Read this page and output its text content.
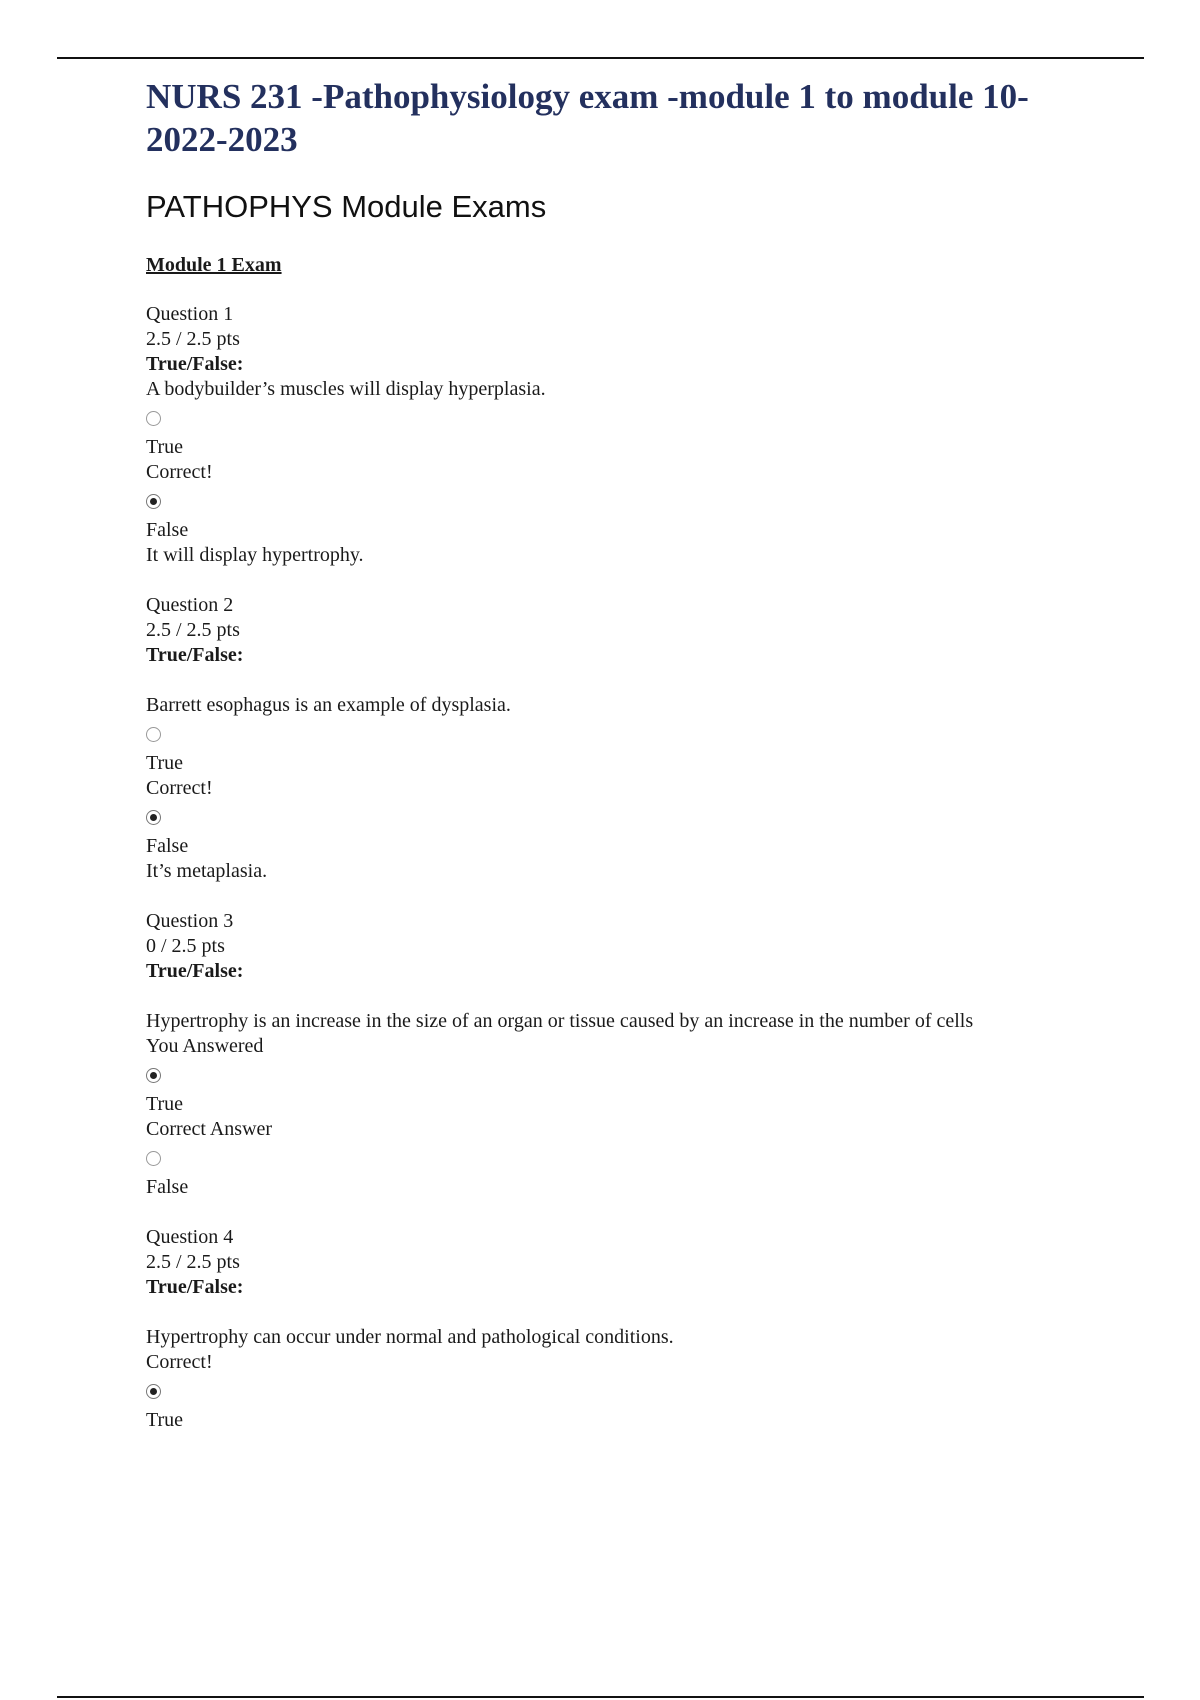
NURS 231 -Pathophysiology exam -module 1 to module 10-2022-2023
PATHOPHYS Module Exams
Module 1 Exam
Question 1
2.5 / 2.5 pts
True/False:
A bodybuilder’s muscles will display hyperplasia.
True
Correct!
False
It will display hypertrophy.
Question 2
2.5 / 2.5 pts
True/False:
Barrett esophagus is an example of dysplasia.
True
Correct!
False
It’s metaplasia.
Question 3
0 / 2.5 pts
True/False:
Hypertrophy is an increase in the size of an organ or tissue caused by an increase in the number of cells
You Answered
True
Correct Answer
False
Question 4
2.5 / 2.5 pts
True/False:
Hypertrophy can occur under normal and pathological conditions.
Correct!
True
